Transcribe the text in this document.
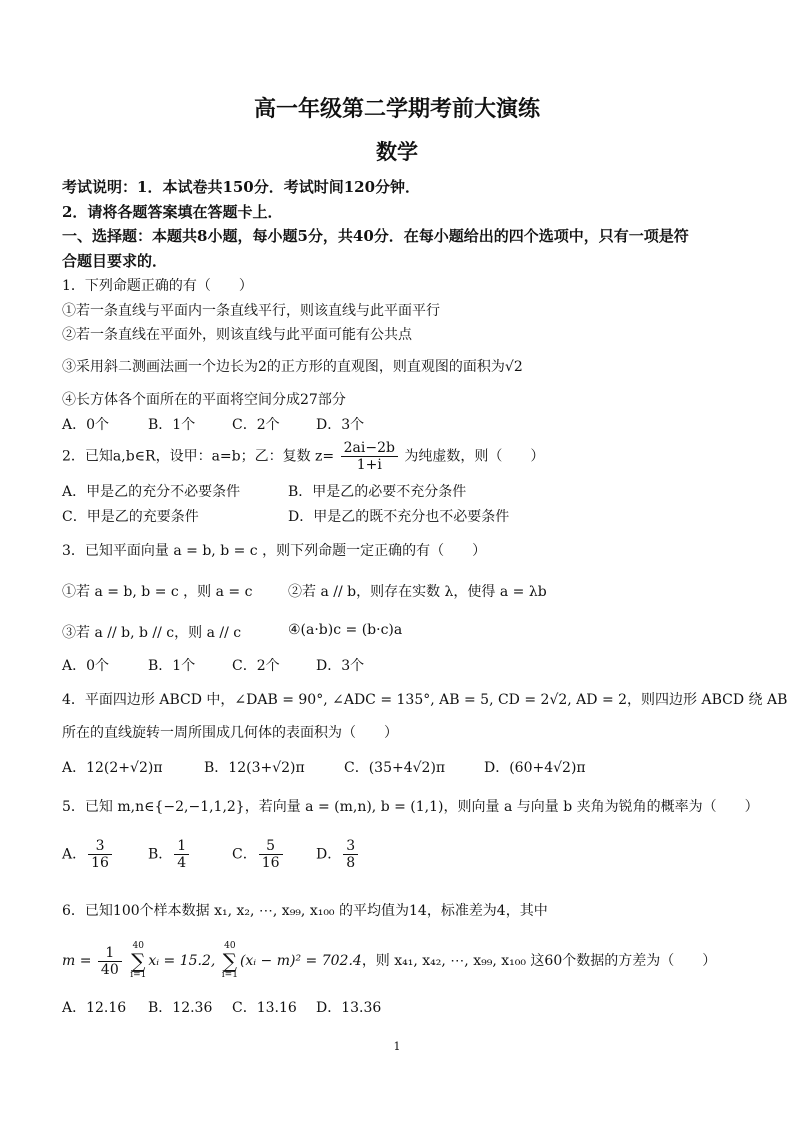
高一年级第二学期考前大演练
数学
考试说明：1．本试卷共150分．考试时间120分钟．
2．请将各题答案填在答题卡上．
一、选择题：本题共8小题，每小题5分，共40分．在每小题给出的四个选项中，只有一项是符
合题目要求的．
1．下列命题正确的有（　　）
①若一条直线与平面内一条直线平行，则该直线与此平面平行
②若一条直线在平面外，则该直线与此平面可能有公共点
③采用斜二测画法画一个边长为2的正方形的直观图，则直观图的面积为√2
④长方体各个面所在的平面将空间分成27部分
A．0个	B．1个	C．2个	D．3个
2．已知a,b∈R，设甲：a=b；乙：复数 $z= \frac{2ai-2b}{1+i}$ 为纯虚数，则（　　）
A．甲是乙的充分不必要条件	B．甲是乙的必要不充分条件
C．甲是乙的充要条件	D．甲是乙的既不充分也不必要条件
3．已知平面向量 a = b, b = c ，则下列命题一定正确的有（　　）
①若 a = b, b = c ，则 a = c	②若 a // b，则存在实数 λ，使得 a = λb
③若 a // b, b // c，则 a // c	④(a·b)c = (b·c)a
A．0个	B．1个	C．2个	D．3个
4．平面四边形 ABCD 中，∠DAB = 90°, ∠ADC = 135°, AB = 5, CD = 2√2, AD = 2，则四边形 ABCD 绕 AB
所在的直线旋转一周所围成几何体的表面积为（　　）
A．12(2+√2)π	B．12(3+√2)π	C．(35+4√2)π	D．(60+4√2)π
5．已知 m,n∈{−2,−1,1,2}，若向量 a = (m,n), b = (1,1)，则向量 a 与向量 b 夹角为锐角的概率为（　　）
A． $\frac{3}{16}$	B． $\frac{1}{4}$	C． $\frac{5}{16}$ D． $\frac{3}{8}$
6．已知100个样本数据 x₁, x₂, ⋯, x₉₉, x₁₀₀ 的平均值为14，标准差为4，其中
$m = \frac{1}{40}$
40
∑
i=1
xᵢ = 15.2,
40
∑
i=1
(xᵢ − m)² = 702.4，则 x₄₁, x₄₂, ⋯, x₉₉, x₁₀₀ 这60个数据的方差为（　　）
A．12.16 B．12.36 C．13.16 D．13.36
1
